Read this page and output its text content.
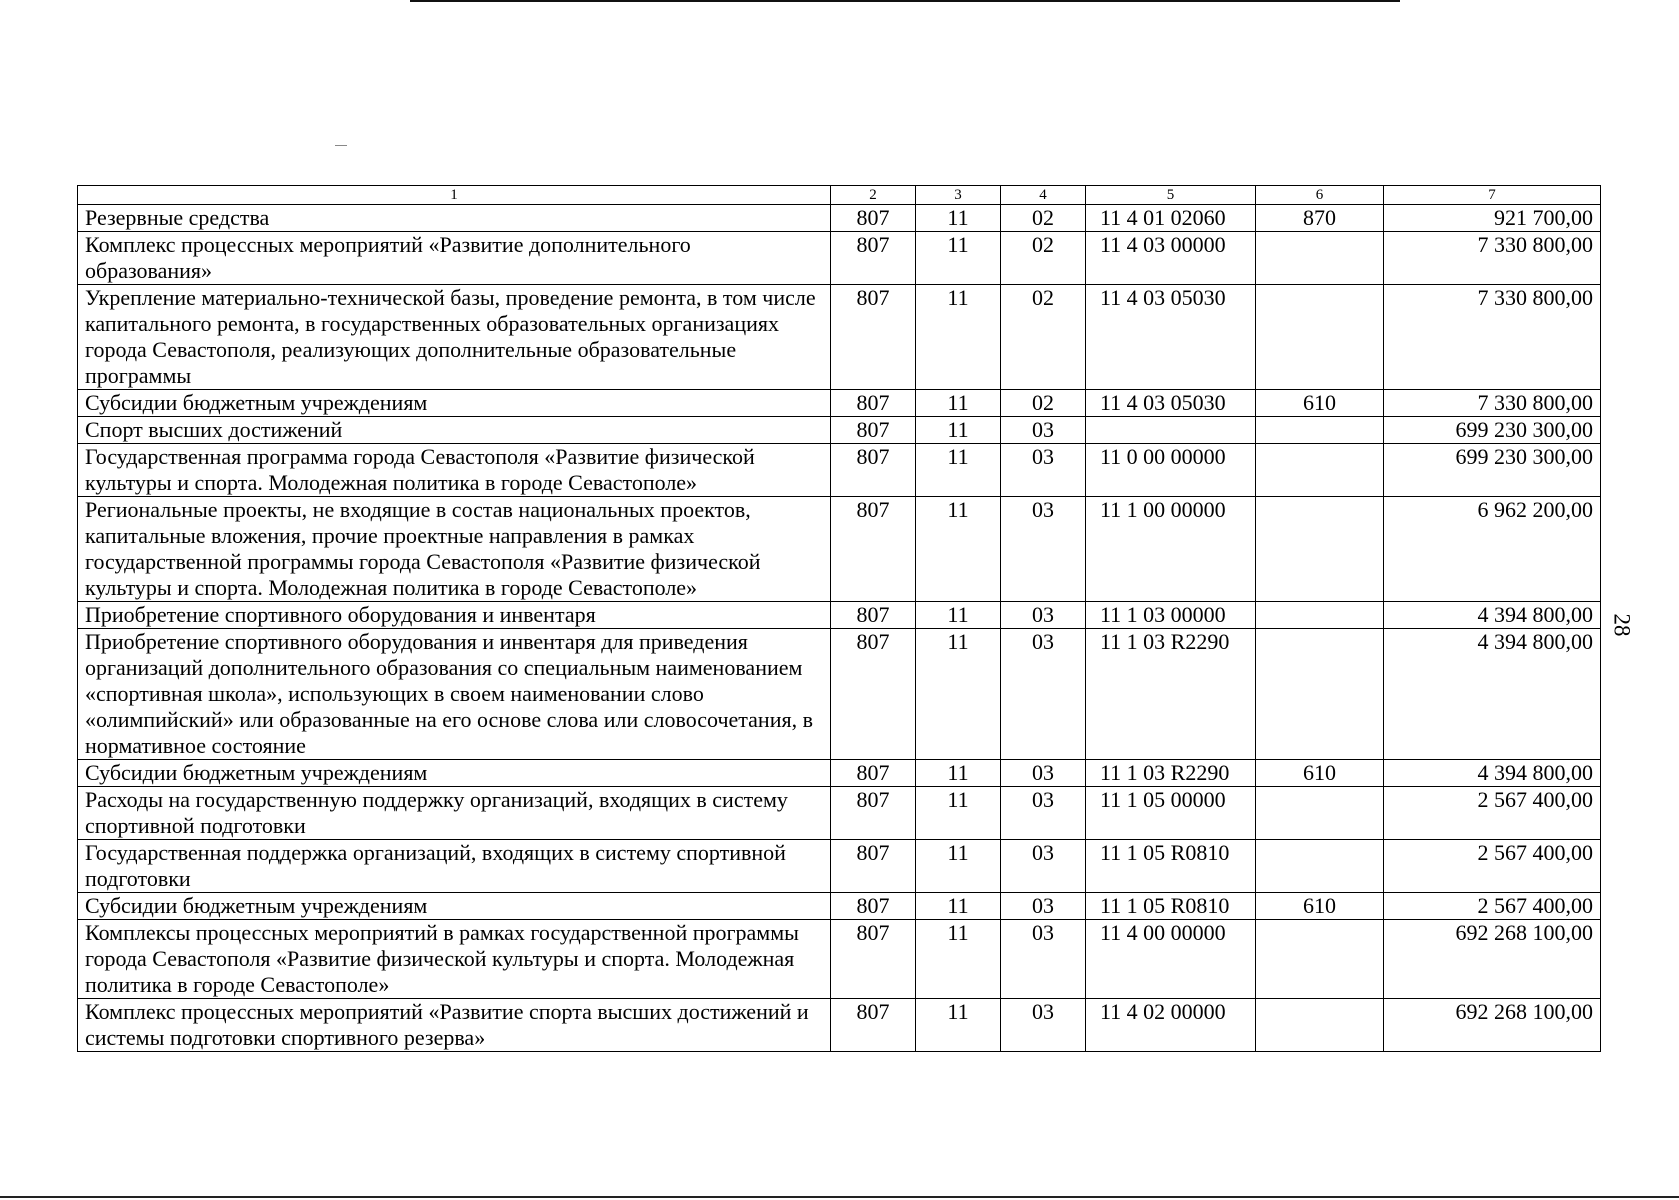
28
1	2	3	4	5	6	7
Резервные средства	807	11	02	11 4 01 02060	870	921 700,00
Комплекс процессных мероприятий «Развитие дополнительного образования»	807	11	02	11 4 03 00000		7 330 800,00
Укрепление материально-технической базы, проведение ремонта, в том числе капитального ремонта, в государственных образовательных организациях города Севастополя, реализующих дополнительные образовательные программы	807	11	02	11 4 03 05030		7 330 800,00
Субсидии бюджетным учреждениям	807	11	02	11 4 03 05030	610	7 330 800,00
Спорт высших достижений	807	11	03			699 230 300,00
Государственная программа города Севастополя «Развитие физической культуры и спорта. Молодежная политика в городе Севастополе»	807	11	03	11 0 00 00000		699 230 300,00
Региональные проекты, не входящие в состав национальных проектов, капитальные вложения, прочие проектные направления в рамках государственной программы города Севастополя «Развитие физической культуры и спорта. Молодежная политика в городе Севастополе»	807	11	03	11 1 00 00000		6 962 200,00
Приобретение спортивного оборудования и инвентаря	807	11	03	11 1 03 00000		4 394 800,00
Приобретение спортивного оборудования и инвентаря для приведения организаций дополнительного образования со специальным наименованием «спортивная школа», использующих в своем наименовании слово «олимпийский» или образованные на его основе слова или словосочетания, в нормативное состояние	807	11	03	11 1 03 R2290		4 394 800,00
Субсидии бюджетным учреждениям	807	11	03	11 1 03 R2290	610	4 394 800,00
Расходы на государственную поддержку организаций, входящих в систему спортивной подготовки	807	11	03	11 1 05 00000		2 567 400,00
Государственная поддержка организаций, входящих в систему спортивной подготовки	807	11	03	11 1 05 R0810		2 567 400,00
Субсидии бюджетным учреждениям	807	11	03	11 1 05 R0810	610	2 567 400,00
Комплексы процессных мероприятий в рамках государственной программы города Севастополя «Развитие физической культуры и спорта. Молодежная политика в городе Севастополе»	807	11	03	11 4 00 00000		692 268 100,00
Комплекс процессных мероприятий «Развитие спорта высших достижений и системы подготовки спортивного резерва»	807	11	03	11 4 02 00000		692 268 100,00
